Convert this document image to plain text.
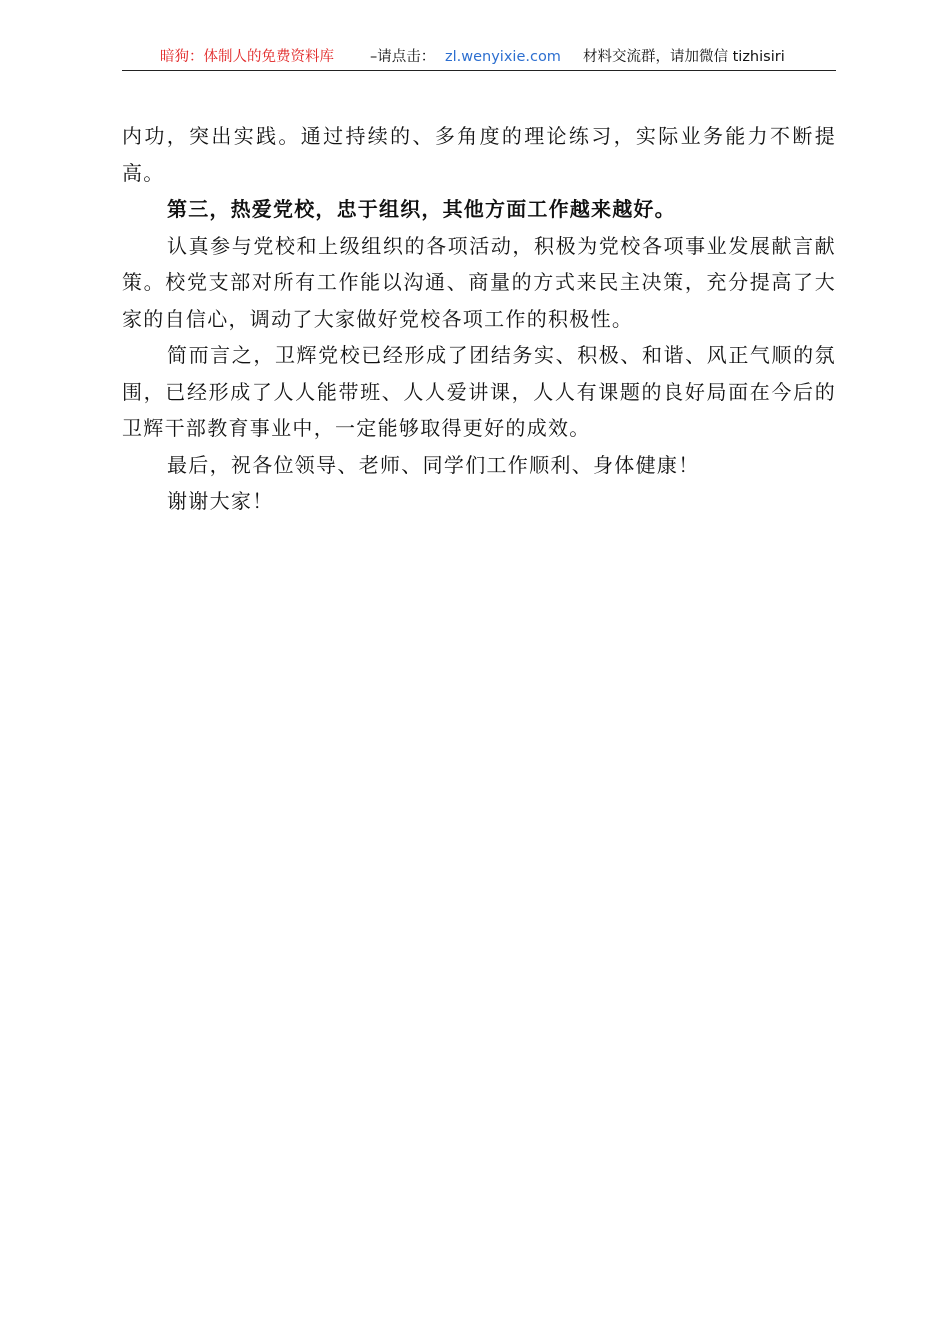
暗狗：体制人的免费资料库 –请点击： zl.wenyixie.com 材料交流群，请加微信 tizhisiri

内功，突出实践。通过持续的、多角度的理论练习，实际业务能力不断提高。

第三，热爱党校，忠于组织，其他方面工作越来越好。

认真参与党校和上级组织的各项活动，积极为党校各项事业发展献言献策。校党支部对所有工作能以沟通、商量的方式来民主决策，充分提高了大家的自信心，调动了大家做好党校各项工作的积极性。

简而言之，卫辉党校已经形成了团结务实、积极、和谐、风正气顺的氛围，已经形成了人人能带班、人人爱讲课，人人有课题的良好局面在今后的卫辉干部教育事业中，一定能够取得更好的成效。

最后，祝各位领导、老师、同学们工作顺利、身体健康！

谢谢大家！
